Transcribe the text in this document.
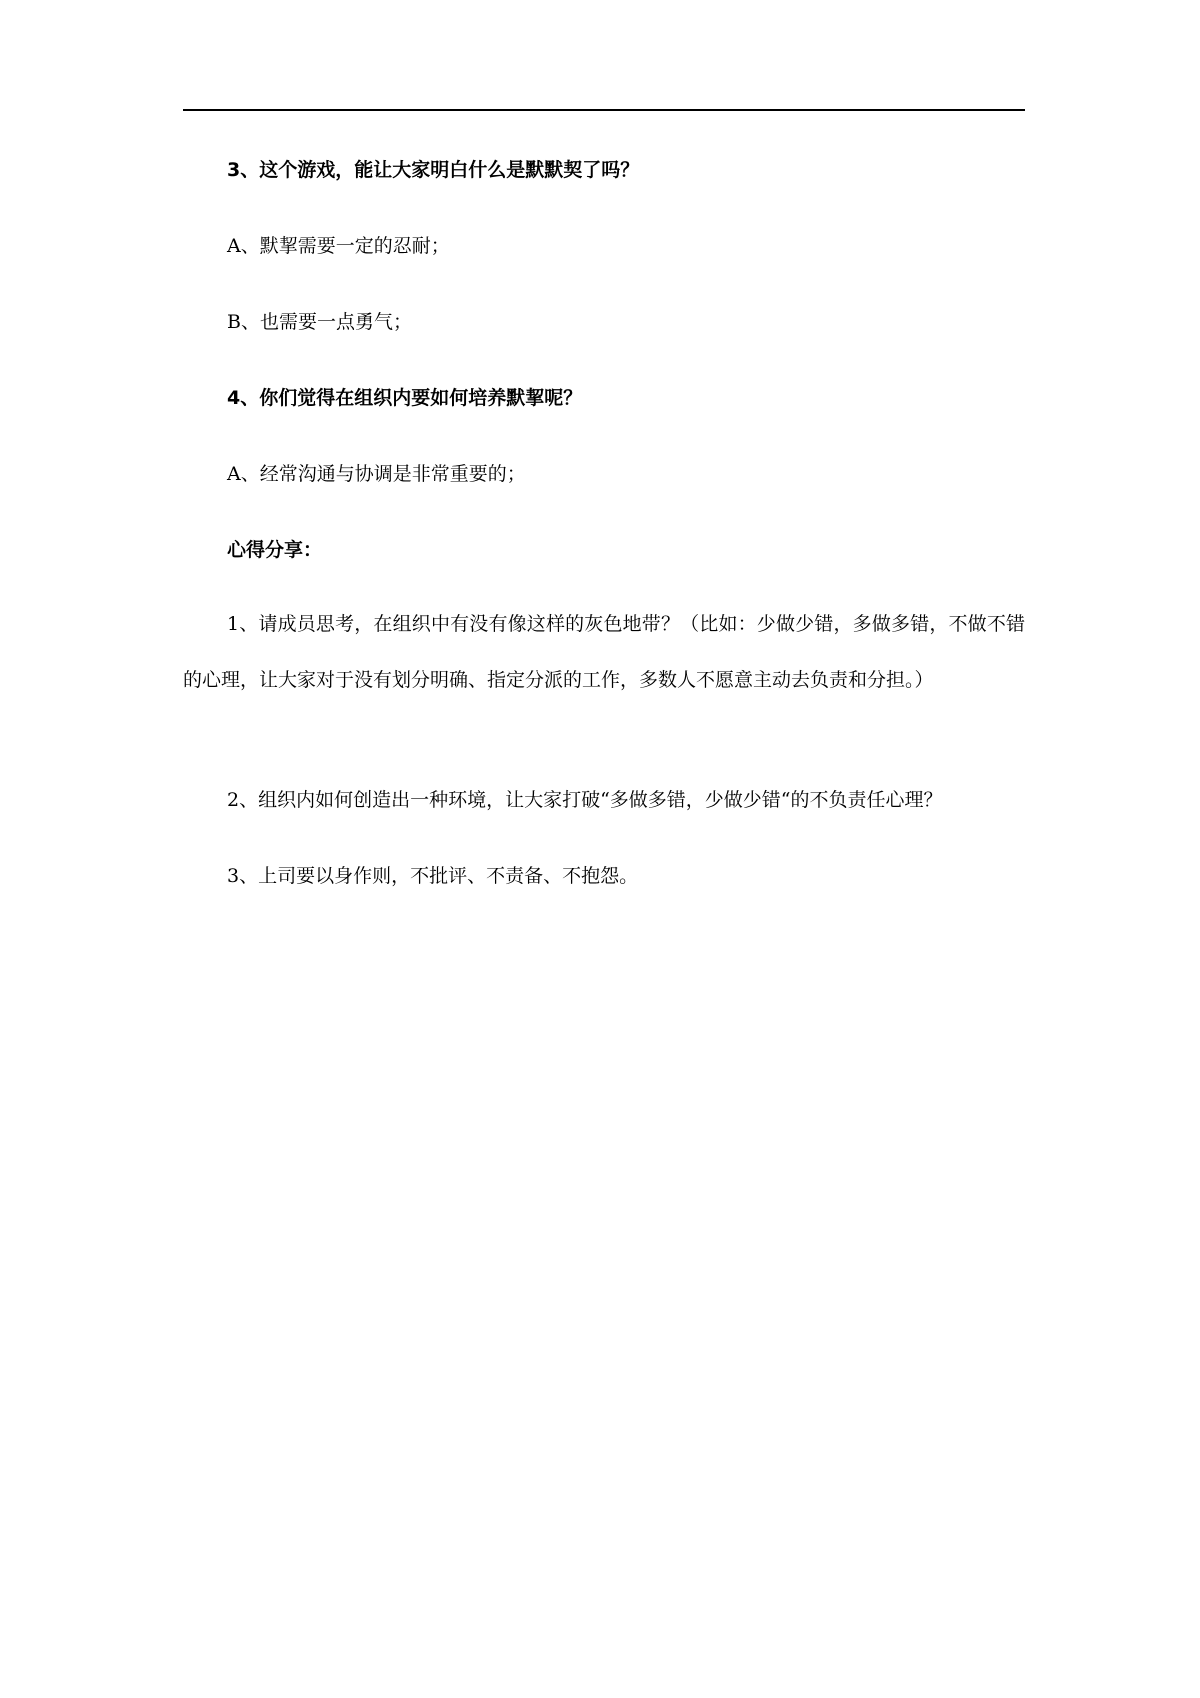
3、这个游戏，能让大家明白什么是默默契了吗？
A、默挈需要一定的忍耐；
B、也需要一点勇气；
4、你们觉得在组织内要如何培养默挈呢？
A、经常沟通与协调是非常重要的；
心得分享：
1、请成员思考，在组织中有没有像这样的灰色地带？（比如：少做少错，多做多错，不做不错的心理，让大家对于没有划分明确、指定分派的工作，多数人不愿意主动去负责和分担。）
2、组织内如何创造出一种环境，让大家打破“多做多错，少做少错“的不负责任心理？
3、上司要以身作则，不批评、不责备、不抱怨。
